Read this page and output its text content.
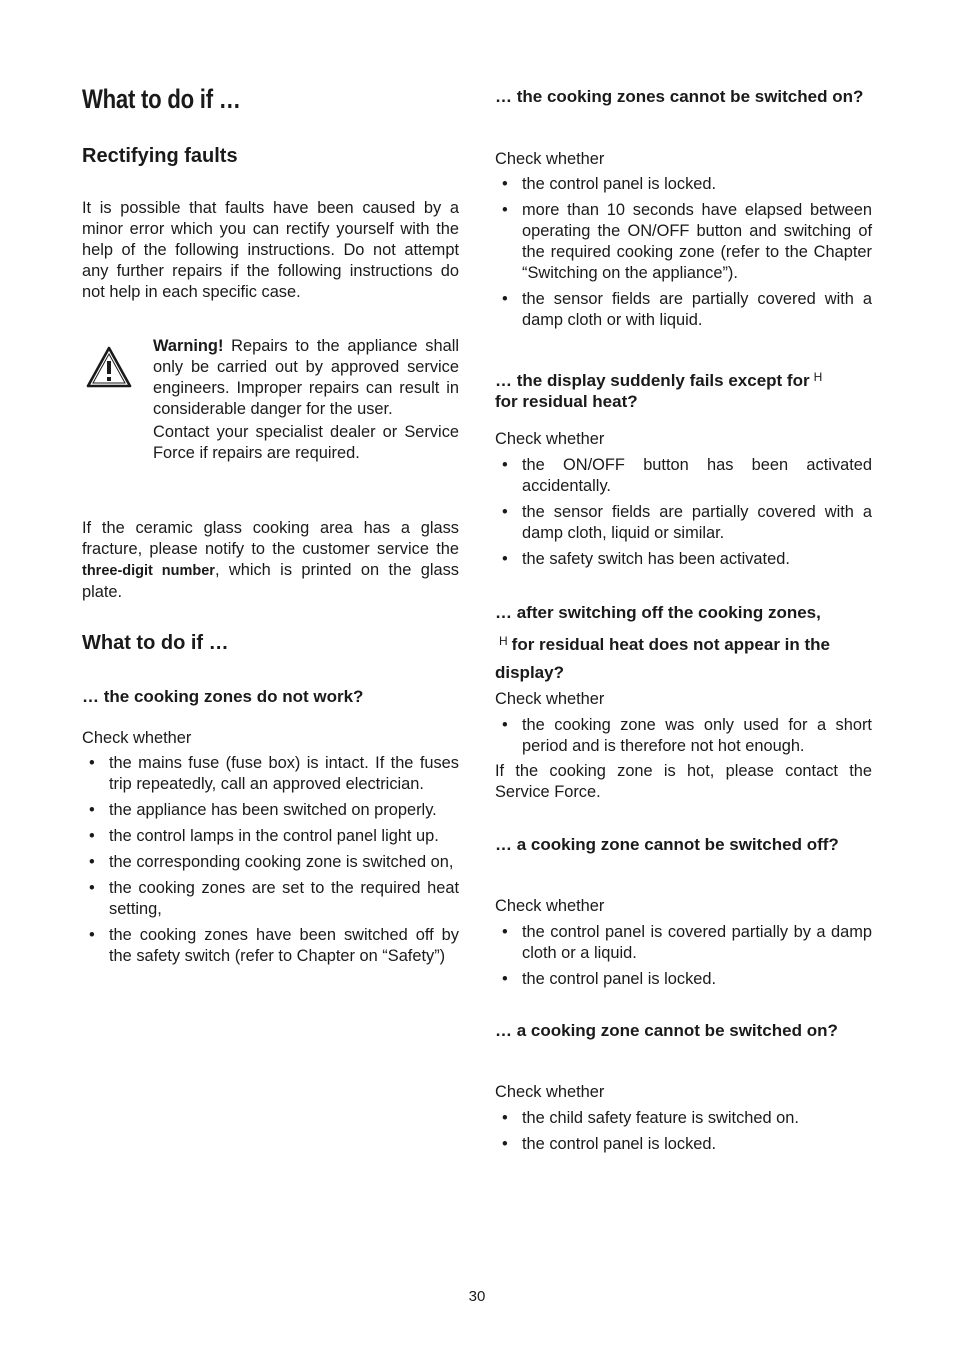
What to do if …
Rectifying faults

It is possible that faults have been caused by a minor error which you can rectify yourself with the help of the following instructions. Do not attempt any further repairs if the following instructions do not help in each specific case.

Warning! Repairs to the appliance shall only be carried out by approved service engineers. Improper repairs can result in considerable danger for the user.

Contact your specialist dealer or Service Force if repairs are required.

If the ceramic glass cooking area has a glass fracture, please notify to the customer service the three-digit number, which is printed on the glass plate.

What to do if …
… the cooking zones do not work?
Check whether
• the mains fuse (fuse box) is intact. If the fuses trip repeatedly, call an approved electrician.
• the appliance has been switched on properly.
• the control lamps in the control panel light up.
• the corresponding cooking zone is switched on,
• the cooking zones are set to the required heat setting,
• the cooking zones have been switched off by the safety switch (refer to Chapter on “Safety”)
… the cooking zones cannot be switched on?
Check whether
• the control panel is locked.
• more than 10 seconds have elapsed between operating the ON/OFF button and switching of the required cooking zone (refer to the Chapter “Switching on the appliance”).
• the sensor fields are partially covered with a damp cloth or with liquid.
… the display suddenly fails except for H
for residual heat?
Check whether
• the ON/OFF button has been activated accidentally.
• the sensor fields are partially covered with a damp cloth, liquid or similar.
• the safety switch has been activated.
… after switching off the cooking zones,
H for residual heat does not appear in the display?
Check whether
• the cooking zone was only used for a short period and is therefore not hot enough.

If the cooking zone is hot, please contact the Service Force.

… a cooking zone cannot be switched off?
Check whether
• the control panel is covered partially by a damp cloth or a liquid.
• the control panel is locked.
… a cooking zone cannot be switched on?
Check whether
• the child safety feature is switched on.
• the control panel is locked.
30
